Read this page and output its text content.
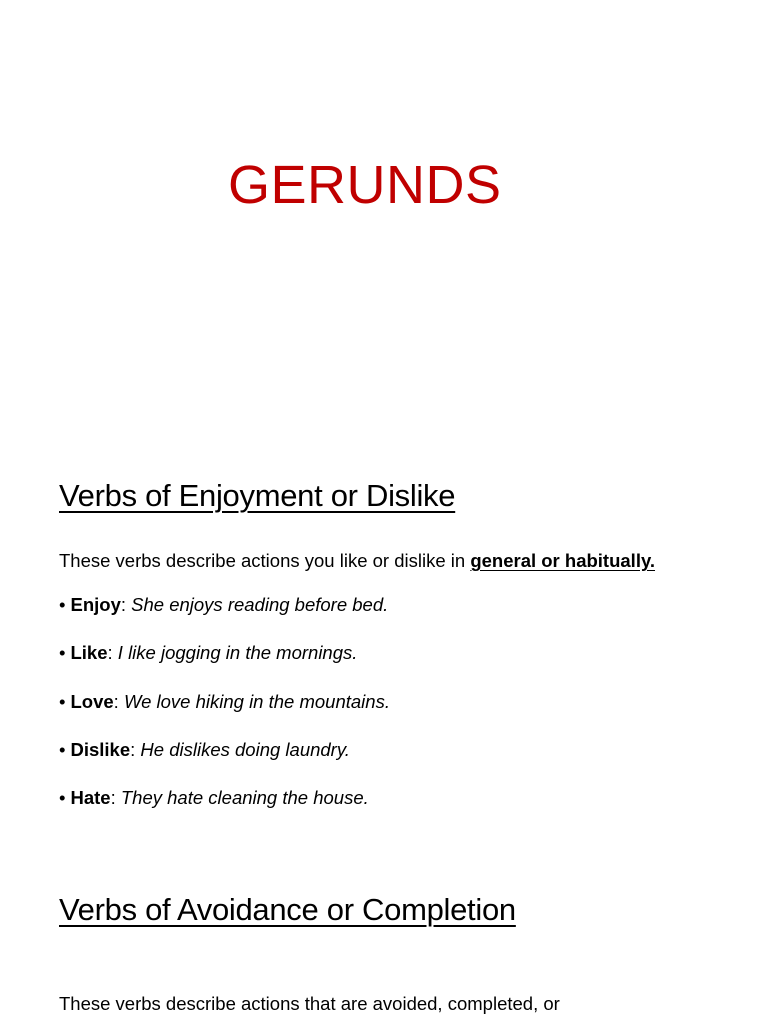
GERUNDS
Verbs of Enjoyment or Dislike

These verbs describe actions you like or dislike in general or habitually.

• Enjoy: She enjoys reading before bed.
• Like: I like jogging in the mornings.
• Love: We love hiking in the mountains.
• Dislike: He dislikes doing laundry.
• Hate: They hate cleaning the house.
Verbs of Avoidance or Completion

These verbs describe actions that are avoided, completed, or
